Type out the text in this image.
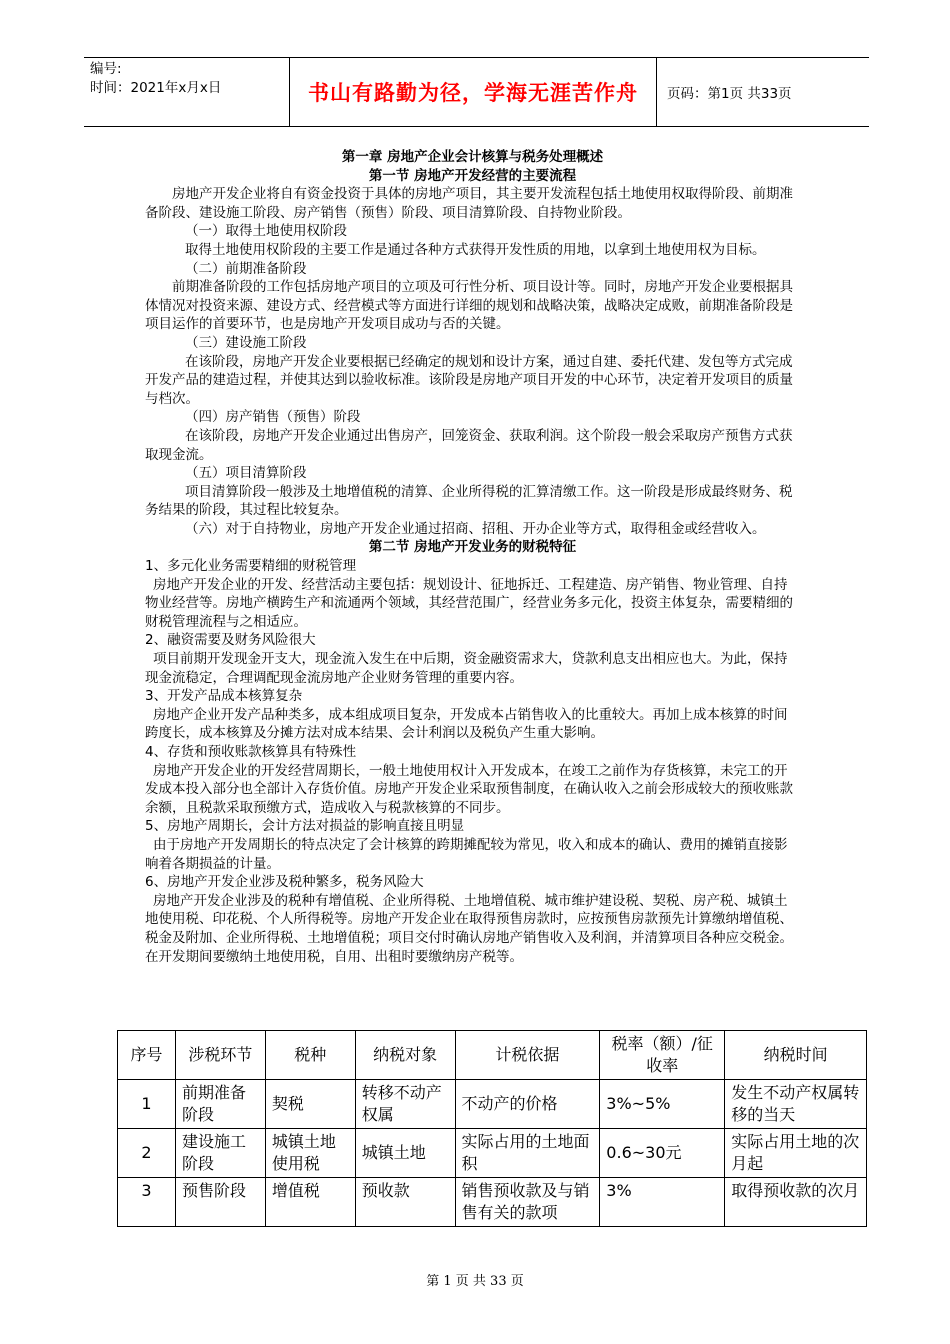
编号:
时间：2021年x月x日	书山有路勤为径，学海无涯苦作舟	页码：第1页 共33页

第一章 房地产企业会计核算与税务处理概述

第一节 房地产开发经营的主要流程

房地产开发企业将自有资金投资于具体的房地产项目，其主要开发流程包括土地使用权取得阶段、前期准备阶段、建设施工阶段、房产销售（预售）阶段、项目清算阶段、自持物业阶段。

（一）取得土地使用权阶段

取得土地使用权阶段的主要工作是通过各种方式获得开发性质的用地，以拿到土地使用权为目标。

（二）前期准备阶段

前期准备阶段的工作包括房地产项目的立项及可行性分析、项目设计等。同时，房地产开发企业要根据具体情况对投资来源、建设方式、经营模式等方面进行详细的规划和战略决策，战略决定成败，前期准备阶段是项目运作的首要环节，也是房地产开发项目成功与否的关键。

（三）建设施工阶段

在该阶段，房地产开发企业要根据已经确定的规划和设计方案，通过自建、委托代建、发包等方式完成开发产品的建造过程，并使其达到以验收标准。该阶段是房地产项目开发的中心环节，决定着开发项目的质量与档次。

（四）房产销售（预售）阶段

在该阶段，房地产开发企业通过出售房产，回笼资金、获取利润。这个阶段一般会采取房产预售方式获取现金流。

（五）项目清算阶段

项目清算阶段一般涉及土地增值税的清算、企业所得税的汇算清缴工作。这一阶段是形成最终财务、税务结果的阶段，其过程比较复杂。

（六）对于自持物业，房地产开发企业通过招商、招租、开办企业等方式，取得租金或经营收入。

第二节 房地产开发业务的财税特征

1、多元化业务需要精细的财税管理

房地产开发企业的开发、经营活动主要包括：规划设计、征地拆迁、工程建造、房产销售、物业管理、自持物业经营等。房地产横跨生产和流通两个领域，其经营范围广，经营业务多元化，投资主体复杂，需要精细的财税管理流程与之相适应。

2、融资需要及财务风险很大

项目前期开发现金开支大，现金流入发生在中后期，资金融资需求大，贷款利息支出相应也大。为此，保持现金流稳定，合理调配现金流房地产企业财务管理的重要内容。

3、开发产品成本核算复杂

房地产企业开发产品种类多，成本组成项目复杂，开发成本占销售收入的比重较大。再加上成本核算的时间跨度长，成本核算及分摊方法对成本结果、会计利润以及税负产生重大影响。

4、存货和预收账款核算具有特殊性

房地产开发企业的开发经营周期长，一般土地使用权计入开发成本，在竣工之前作为存货核算，未完工的开发成本投入部分也全部计入存货价值。房地产开发企业采取预售制度，在确认收入之前会形成较大的预收账款余额，且税款采取预缴方式，造成收入与税款核算的不同步。

5、房地产周期长，会计方法对损益的影响直接且明显

由于房地产开发周期长的特点决定了会计核算的跨期摊配较为常见，收入和成本的确认、费用的摊销直接影响着各期损益的计量。

6、房地产开发企业涉及税种繁多，税务风险大

房地产开发企业涉及的税种有增值税、企业所得税、土地增值税、城市维护建设税、契税、房产税、城镇土地使用税、印花税、个人所得税等。房地产开发企业在取得预售房款时，应按预售房款预先计算缴纳增值税、税金及附加、企业所得税、土地增值税；项目交付时确认房地产销售收入及利润，并清算项目各种应交税金。在开发期间要缴纳土地使用税，自用、出租时要缴纳房产税等。

序号	涉税环节	税种	纳税对象	计税依据	税率（额）/征收率	纳税时间
1	前期准备阶段	契税	转移不动产权属	不动产的价格	3%~5%	发生不动产权属转移的当天
2	建设施工阶段	城镇土地使用税	城镇土地	实际占用的土地面积	0.6~30元	实际占用土地的次月起
3	预售阶段	增值税	预收款	销售预收款及与销售有关的款项	3%	取得预收款的次月
第 1 页 共 33 页
